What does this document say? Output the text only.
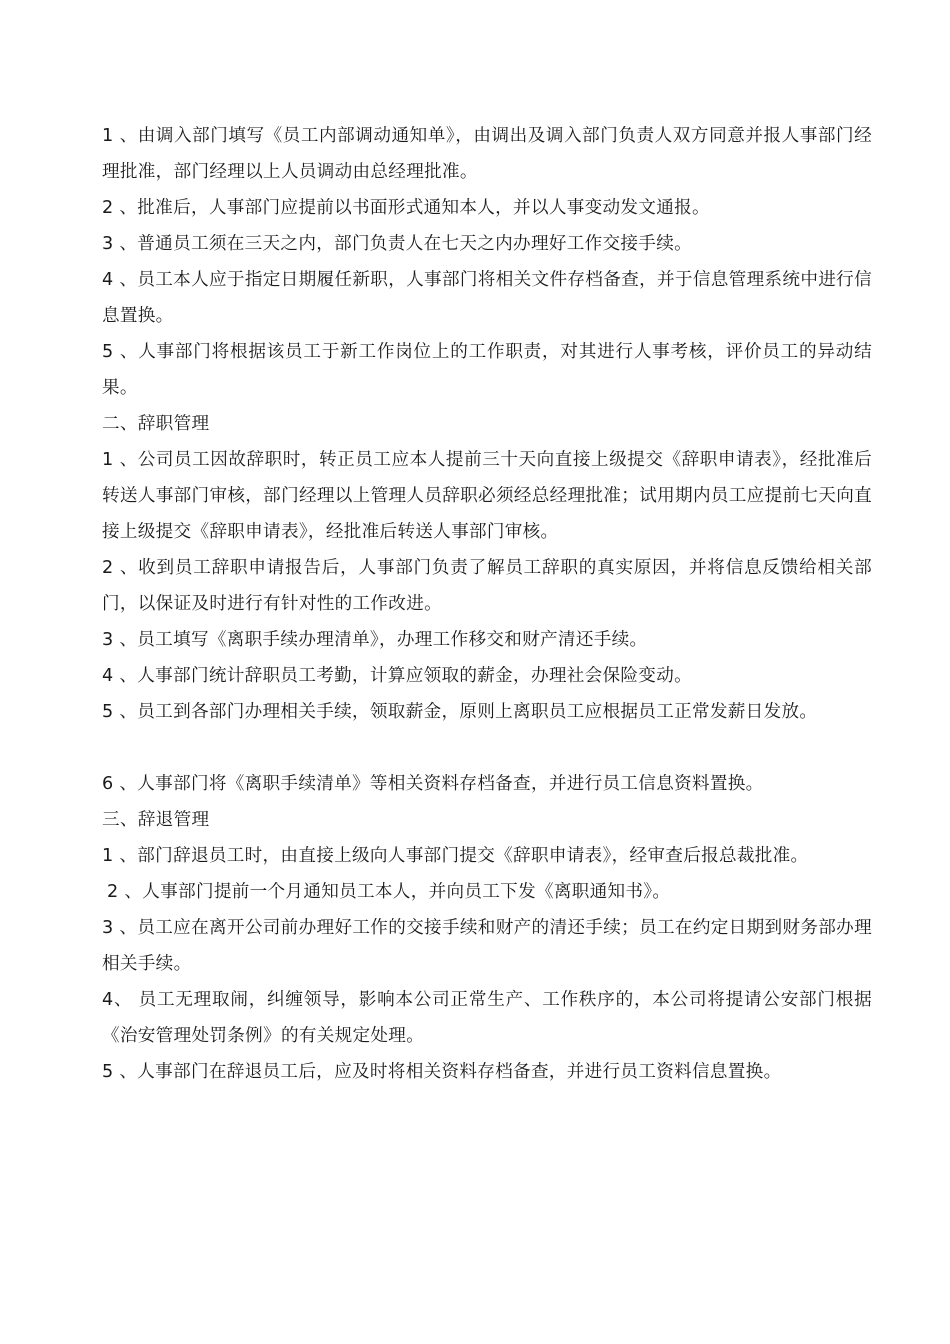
1 、由调入部门填写《员工内部调动通知单》，由调出及调入部门负责人双方同意并报人事部门经理批准，部门经理以上人员调动由总经理批准。

2 、批准后，人事部门应提前以书面形式通知本人，并以人事变动发文通报。

3 、普通员工须在三天之内，部门负责人在七天之内办理好工作交接手续。

4 、员工本人应于指定日期履任新职，人事部门将相关文件存档备查，并于信息管理系统中进行信息置换。

5 、人事部门将根据该员工于新工作岗位上的工作职责，对其进行人事考核，评价员工的异动结果。

二、辞职管理

1 、公司员工因故辞职时，转正员工应本人提前三十天向直接上级提交《辞职申请表》，经批准后转送人事部门审核，部门经理以上管理人员辞职必须经总经理批准；试用期内员工应提前七天向直接上级提交《辞职申请表》，经批准后转送人事部门审核。

2 、收到员工辞职申请报告后，人事部门负责了解员工辞职的真实原因，并将信息反馈给相关部门，以保证及时进行有针对性的工作改进。

3 、员工填写《离职手续办理清单》，办理工作移交和财产清还手续。

4 、人事部门统计辞职员工考勤，计算应领取的薪金，办理社会保险变动。

5 、员工到各部门办理相关手续，领取薪金，原则上离职员工应根据员工正常发薪日发放。

6 、人事部门将《离职手续清单》等相关资料存档备查，并进行员工信息资料置换。

三、辞退管理

1 、部门辞退员工时，由直接上级向人事部门提交《辞职申请表》，经审查后报总裁批准。

2 、人事部门提前一个月通知员工本人，并向员工下发《离职通知书》。

3 、员工应在离开公司前办理好工作的交接手续和财产的清还手续；员工在约定日期到财务部办理相关手续。

4、 员工无理取闹，纠缠领导，影响本公司正常生产、工作秩序的，本公司将提请公安部门根据《治安管理处罚条例》的有关规定处理。

5 、人事部门在辞退员工后，应及时将相关资料存档备查，并进行员工资料信息置换。
